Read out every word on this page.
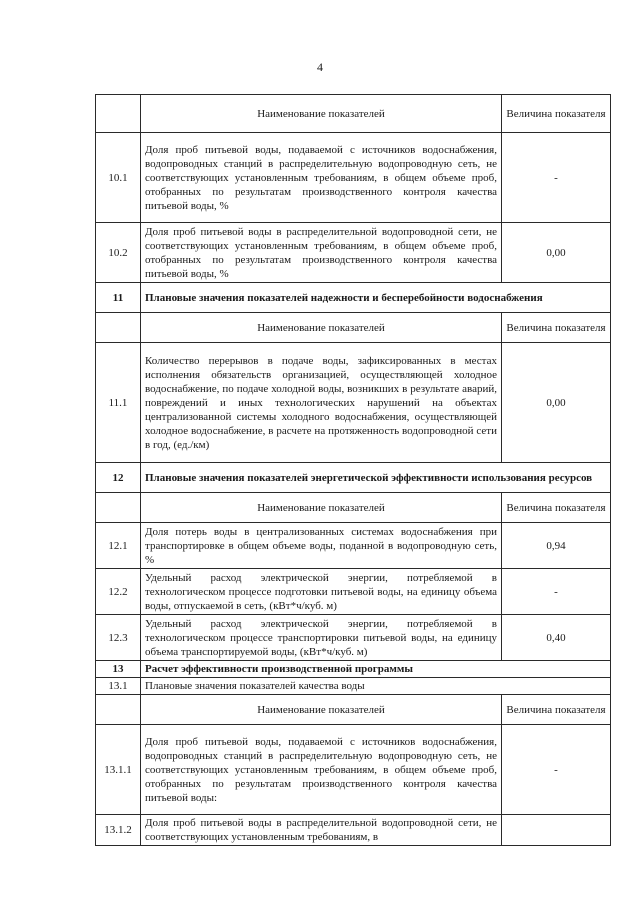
4
	Наименование показателей	Величина показателя
10.1	Доля проб питьевой воды, подаваемой с источников водоснабжения, водопроводных станций в распределительную водопроводную сеть, не соответствующих установленным требованиям, в общем объеме проб, отобранных по результатам производственного контроля качества питьевой воды, %	-
10.2	Доля проб питьевой воды в распределительной водопроводной сети, не соответствующих установленным требованиям, в общем объеме проб, отобранных по результатам производственного контроля качества питьевой воды, %	0,00
11	Плановые значения показателей надежности и бесперебойности водоснабжения	
	Наименование показателей	Величина показателя
11.1	Количество перерывов в подаче воды, зафиксированных в местах исполнения обязательств организацией, осуществляющей холодное водоснабжение, по подаче холодной воды, возникших в результате аварий, повреждений и иных технологических нарушений на объектах централизованной системы холодного водоснабжения, осуществляющей холодное водоснабжение, в расчете на протяженность водопроводной сети в год, (ед./км)	0,00
12	Плановые значения показателей энергетической эффективности использования ресурсов	
	Наименование показателей	Величина показателя
12.1	Доля потерь воды в централизованных системах водоснабжения при транспортировке в общем объеме воды, поданной в водопроводную сеть, %	0,94
12.2	Удельный расход электрической энергии, потребляемой в технологическом процессе подготовки питьевой воды, на единицу объема воды, отпускаемой в сеть, (кВт*ч/куб. м)	-
12.3	Удельный расход электрической энергии, потребляемой в технологическом процессе транспортировки питьевой воды, на единицу объема транспортируемой воды, (кВт*ч/куб. м)	0,40
13	Расчет эффективности производственной программы	
13.1	Плановые значения показателей качества воды	
	Наименование показателей	Величина показателя
13.1.1	Доля проб питьевой воды, подаваемой с источников водоснабжения, водопроводных станций в распределительную водопроводную сеть, не соответствующих установленным требованиям, в общем объеме проб, отобранных по результатам производственного контроля качества питьевой воды:	-
13.1.2	Доля проб питьевой воды в распределительной водопроводной сети, не соответствующих установленным требованиям, в	
